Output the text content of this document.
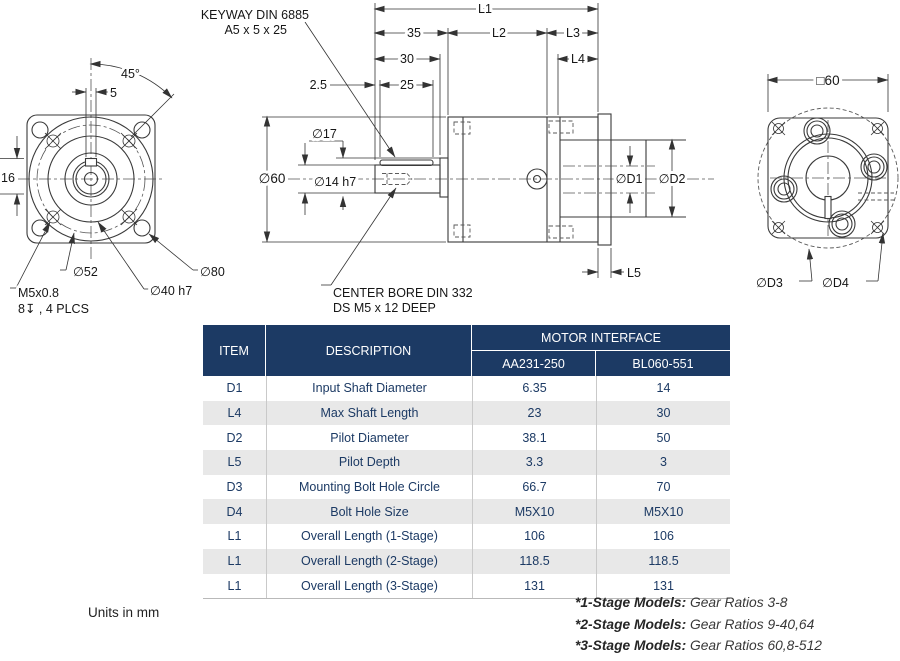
45°
5
16
∅52	∅80
∅40 h7
M5x0.8
8↧ , 4 PLCS
L1
35	L2	L3
30	L4
2.5	25
∅60
∅17
∅14 h7	∅D1 ∅D2
L5
KEYWAY DIN 6885
A5 x 5 x 25
CENTER BORE DIN 332
DS M5 x 12 DEEP
□60
∅D3	∅D4
ITEM	DESCRIPTION
MOTOR INTERFACE
AA231-250	BL060-551
D1	Input Shaft Diameter	6.35	14
L4	Max Shaft Length	23	30
D2	Pilot Diameter	38.1	50
L5	Pilot Depth	3.3	3
D3	Mounting Bolt Hole Circle	66.7	70
D4	Bolt Hole Size	M5X10	M5X10
L1	Overall Length (1-Stage)	106	106
L1	Overall Length (2-Stage)	118.5	118.5
L1	Overall Length (3-Stage)	131	131
Units in mm
*1-Stage Models: Gear Ratios 3-8
*2-Stage Models: Gear Ratios 9-40,64
*3-Stage Models: Gear Ratios 60,8-512
